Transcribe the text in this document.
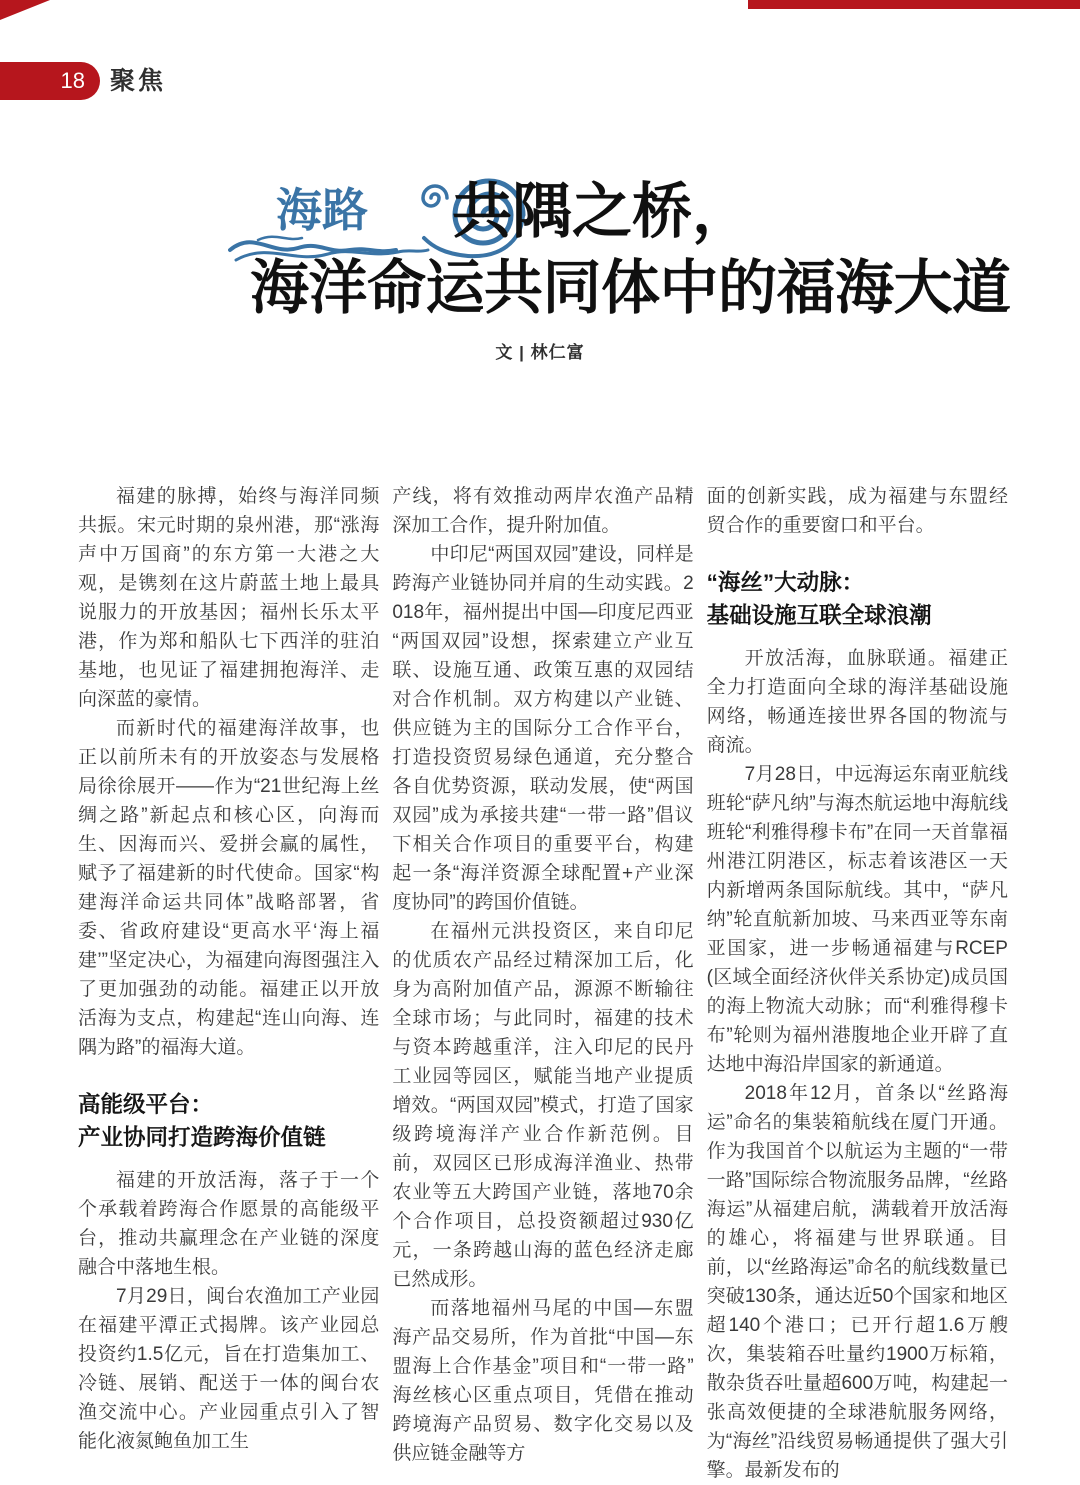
18 聚焦
海路 共隅之桥，
海洋命运共同体中的福海大道
文 | 林仁富

福建的脉搏，始终与海洋同频共振。宋元时期的泉州港，那“涨海声中万国商”的东方第一大港之大观，是镌刻在这片蔚蓝土地上最具说服力的开放基因；福州长乐太平港，作为郑和船队七下西洋的驻泊基地，也见证了福建拥抱海洋、走向深蓝的豪情。

而新时代的福建海洋故事，也正以前所未有的开放姿态与发展格局徐徐展开——作为“21世纪海上丝绸之路”新起点和核心区，向海而生、因海而兴、爱拼会赢的属性，赋予了福建新的时代使命。国家“构建海洋命运共同体”战略部署，省委、省政府建设“更高水平‘海上福建’”坚定决心，为福建向海图强注入了更加强劲的动能。福建正以开放活海为支点，构建起“连山向海、连隅为路”的福海大道。

高能级平台：
产业协同打造跨海价值链

福建的开放活海，落子于一个个承载着跨海合作愿景的高能级平台，推动共赢理念在产业链的深度融合中落地生根。

7月29日，闽台农渔加工产业园在福建平潭正式揭牌。该产业园总投资约1.5亿元，旨在打造集加工、冷链、展销、配送于一体的闽台农渔交流中心。产业园重点引入了智能化液氮鲍鱼加工生

产线，将有效推动两岸农渔产品精深加工合作，提升附加值。

中印尼“两国双园”建设，同样是跨海产业链协同并肩的生动实践。2018年，福州提出中国—印度尼西亚“两国双园”设想，探索建立产业互联、设施互通、政策互惠的双园结对合作机制。双方构建以产业链、供应链为主的国际分工合作平台，打造投资贸易绿色通道，充分整合各自优势资源，联动发展，使“两国双园”成为承接共建“一带一路”倡议下相关合作项目的重要平台，构建起一条“海洋资源全球配置+产业深度协同”的跨国价值链。

在福州元洪投资区，来自印尼的优质农产品经过精深加工后，化身为高附加值产品，源源不断输往全球市场；与此同时，福建的技术与资本跨越重洋，注入印尼的民丹工业园等园区，赋能当地产业提质增效。“两国双园”模式，打造了国家级跨境海洋产业合作新范例。目前，双园区已形成海洋渔业、热带农业等五大跨国产业链，落地70余个合作项目，总投资额超过930亿元，一条跨越山海的蓝色经济走廊已然成形。

而落地福州马尾的中国—东盟海产品交易所，作为首批“中国—东盟海上合作基金”项目和“一带一路”海丝核心区重点项目，凭借在推动跨境海产品贸易、数字化交易以及供应链金融等方

面的创新实践，成为福建与东盟经贸合作的重要窗口和平台。

“海丝”大动脉：
基础设施互联全球浪潮

开放活海，血脉联通。福建正全力打造面向全球的海洋基础设施网络，畅通连接世界各国的物流与商流。

7月28日，中远海运东南亚航线班轮“萨凡纳”与海杰航运地中海航线班轮“利雅得穆卡布”在同一天首靠福州港江阴港区，标志着该港区一天内新增两条国际航线。其中，“萨凡纳”轮直航新加坡、马来西亚等东南亚国家，进一步畅通福建与RCEP(区域全面经济伙伴关系协定)成员国的海上物流大动脉；而“利雅得穆卡布”轮则为福州港腹地企业开辟了直达地中海沿岸国家的新通道。

2018年12月，首条以“丝路海运”命名的集装箱航线在厦门开通。作为我国首个以航运为主题的“一带一路”国际综合物流服务品牌，“丝路海运”从福建启航，满载着开放活海的雄心，将福建与世界联通。目前，以“丝路海运”命名的航线数量已突破130条，通达近50个国家和地区超140个港口；已开行超1.6万艘次，集装箱吞吐量约1900万标箱，散杂货吞吐量超600万吨，构建起一张高效便捷的全球港航服务网络，为“海丝”沿线贸易畅通提供了强大引擎。最新发布的
